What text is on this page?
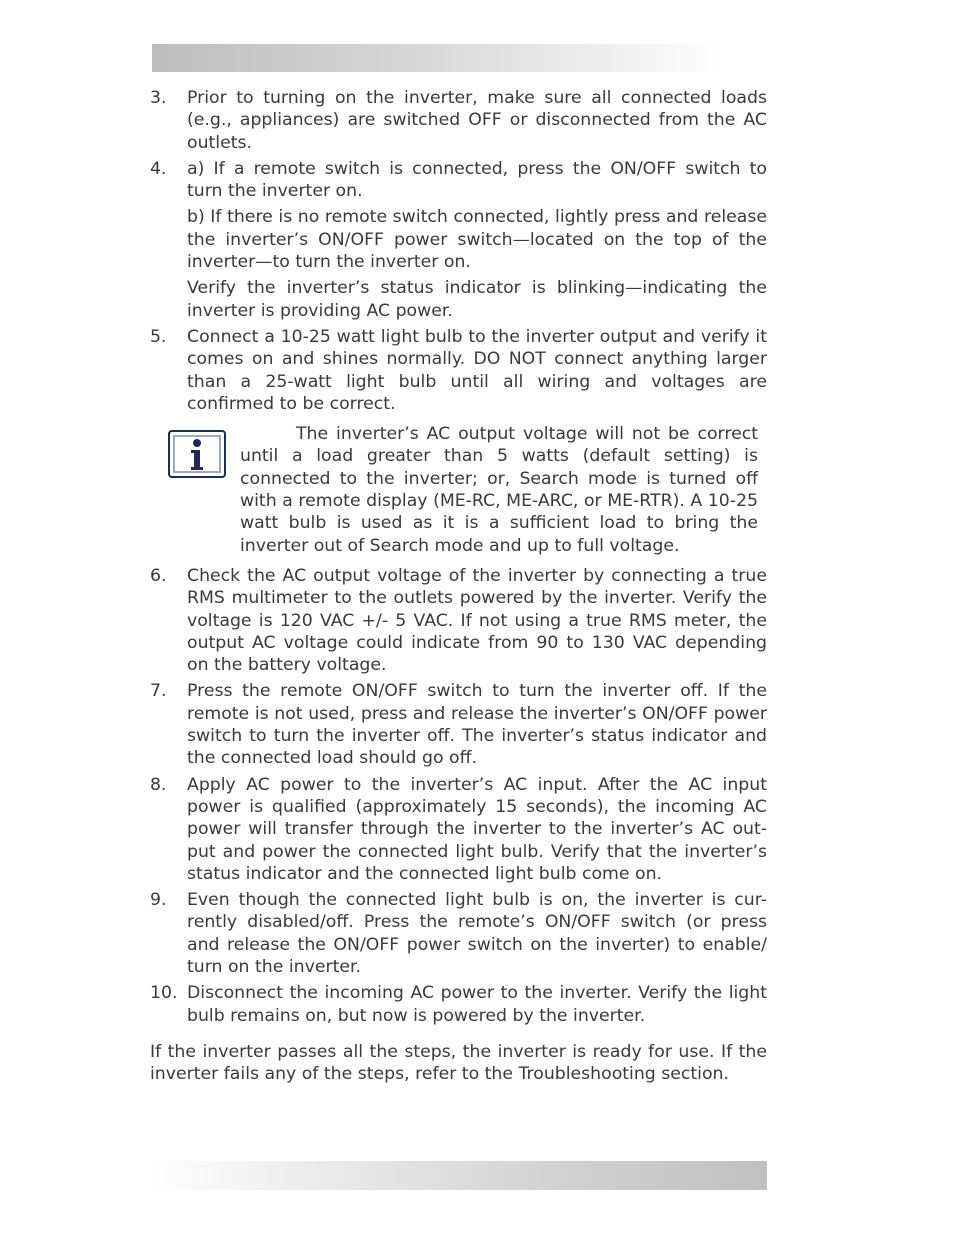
3. Prior to turning on the inverter, make sure all connected loads (e.g., appliances) are switched OFF or disconnected from the AC outlets.

4. a) If a remote switch is connected, press the ON/OFF switch to turn the inverter on.

b) If there is no remote switch connected, lightly press and release the inverter’s ON/OFF power switch—located on the top of the inverter—to turn the inverter on.

Verify the inverter’s status indicator is blinking—indicating the inverter is providing AC power.

5. Connect a 10-25 watt light bulb to the inverter output and verify it comes on and shines normally. DO NOT connect anything larger than a 25-watt light bulb until all wiring and voltages are confirmed to be correct.

The inverter’s AC output voltage will not be correct until a load greater than 5 watts (default setting) is connected to the inverter; or, Search mode is turned off with a remote display (ME-RC, ME-ARC, or ME-RTR). A 10-25 watt bulb is used as it is a sufficient load to bring the inverter out of Search mode and up to full voltage.

6. Check the AC output voltage of the inverter by connecting a true RMS multimeter to the outlets powered by the inverter. Verify the voltage is 120 VAC +/- 5 VAC. If not using a true RMS meter, the output AC voltage could indicate from 90 to 130 VAC depending on the battery voltage.

7. Press the remote ON/OFF switch to turn the inverter off. If the remote is not used, press and release the inverter’s ON/OFF power switch to turn the inverter off. The inverter’s status indicator and the connected load should go off.

8. Apply AC power to the inverter’s AC input. After the AC input power is qualified (approximately 15 seconds), the incoming AC power will transfer through the inverter to the inverter’s AC out-put and power the connected light bulb. Verify that the inverter’s status indicator and the connected light bulb come on.

9. Even though the connected light bulb is on, the inverter is cur-rently disabled/off. Press the remote’s ON/OFF switch (or press and release the ON/OFF power switch on the inverter) to enable/ turn on the inverter.

10. Disconnect the incoming AC power to the inverter. Verify the light bulb remains on, but now is powered by the inverter.

If the inverter passes all the steps, the inverter is ready for use. If the inverter fails any of the steps, refer to the Troubleshooting section.
